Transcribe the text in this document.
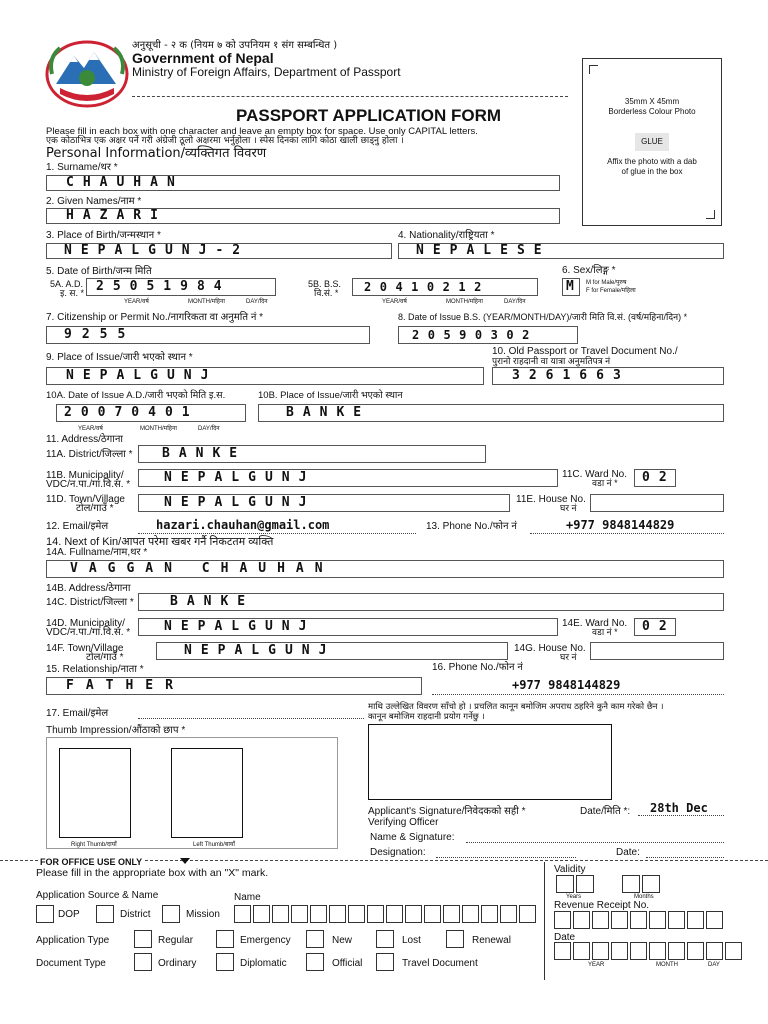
अनुसूची - २ क (नियम ७ को उपनियम १ संग सम्बन्धित )
Government of Nepal
Ministry of Foreign Affairs, Department of Passport
PASSPORT APPLICATION FORM
Please fill in each box with one character and leave an empty box for space. Use only CAPITAL letters.
एक कोठाभित्र एक अक्षर पर्ने गरी अंग्रेजी ठूलो अक्षरमा भर्नुहोला । स्पेस दिनका लागि कोठा खाली छाड्नु होला ।
35mm X 45mm
Borderless Colour Photo
GLUE
Affix the photo with a dab
of glue in the box
Personal Information/व्यक्तिगत विवरण
1. Surname/थर *
CHAUHAN
2. Given Names/नाम *
HAZARI
3. Place of Birth/जन्मस्थान *
NEPALGUNJ-2
4. Nationality/राष्ट्रियता *
NEPALESE
5. Date of Birth/जन्म मिति
5A. A.D.
इ. स. * 25051984
YEAR/वर्ष	MONTH/महिना	DAY/दिन
5B. B.S.
वि.सं. * 20410212
YEAR/वर्ष	MONTH/महिना	DAY/दिन
6. Sex/लिङ्ग *
M M for Male/पुरुष
F for Female/महिला
7. Citizenship or Permit No./नागरिकता वा अनुमति नं *
9255
8. Date of Issue B.S. (YEAR/MONTH/DAY)/जारी मिति वि.सं. (वर्ष/महिना/दिन) *
20590302
9. Place of Issue/जारी भएको स्थान *
10. Old Passport or Travel Document No./
पुरानो राहदानी वा यात्रा अनुमतिपत्र नं
NEPALGUNJ	3261663
10A. Date of Issue A.D./जारी भएको मिति इ.स.	10B. Place of Issue/जारी भएको स्थान
20070401
YEAR/वर्ष	MONTH/महिना	DAY/दिन
BANKE
11. Address/ठेगाना
11A. District/जिल्ला * BANKE
11B. Municipality/
VDC/न.पा./गा.वि.स. *	NEPALGUNJ	11C. Ward No.
वडा नं * 02
11D. Town/Village
टोल/गाउँ *	NEPALGUNJ	11E. House No.
घर नं
12. Email/इमेल	hazari.chauhan@gmail.com	13. Phone No./फोन नं	+977 9848144829
14. Next of Kin/आपत परेमा खबर गर्नै निकटतम व्यक्ति
14A. Fullname/नाम,थर *
VAGGAN CHAUHAN
14B. Address/ठेगाना
14C. District/जिल्ला *	BANKE
14D. Municipality/
VDC/न.पा./गा.वि.स. *	NEPALGUNJ	14E. Ward No.
वडा नं * 02
14F. Town/Village
टोल/गाउँ *	NEPALGUNJ	14G. House No.
घर नं
15. Relationship/नाता *
FATHER
16. Phone No./फोन नं
+977 9848144829
17. Email/इमेल
माथि उल्लेखित विवरण साँचो हो । प्रचलित कानून बमोजिम अपराध ठहरिने कुनै काम गरेको छैन ।
कानून बमोजिम राहदानी प्रयोग गर्नेछु ।
Thumb Impression/औंठाको छाप *
Right Thumb/दायाँ	Left Thumb/बायाँ
Applicant's Signature/निवेदकको सही *	Date/मिति *: 28th Dec
Verifying Officer
Name & Signature:
Designation:	Date:
FOR OFFICE USE ONLY
Please fill in the appropriate box with an "X" mark.
Application Source & Name	Name
DOP	District	Mission
Application Type	Regular	Emergency	New	Lost	Renewal
Document Type	Ordinary	Diplomatic	Official	Travel Document
Validity
Years	Months
Revenue Receipt No.
Date
YEAR	MONTH	DAY
